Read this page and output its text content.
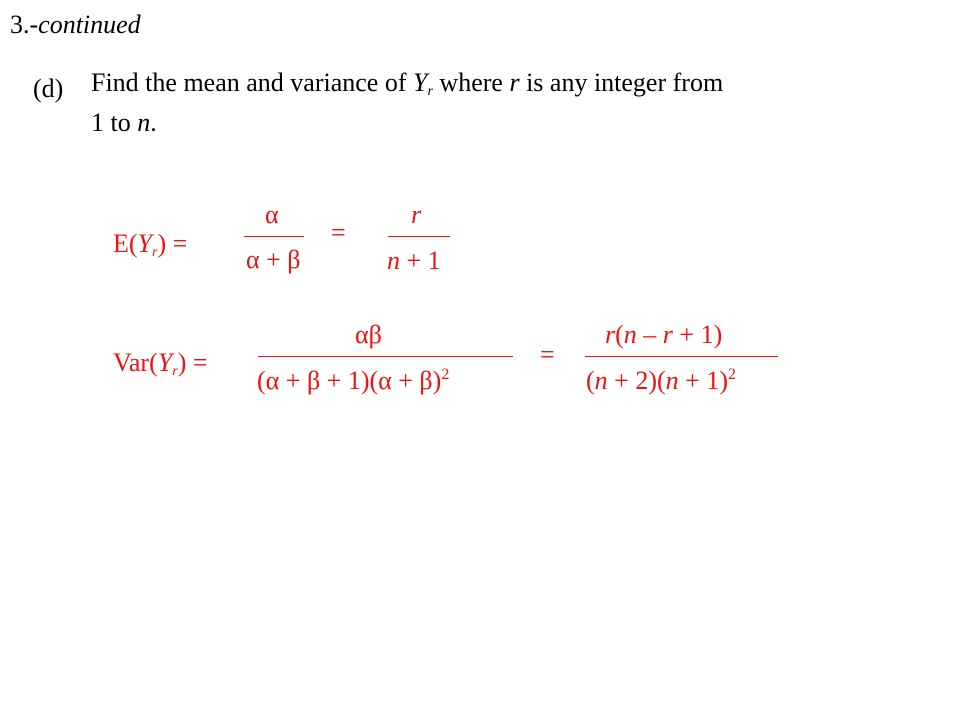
3.-continued
(d) Find the mean and variance of $Y_r$ where r is any integer from
1 to n.
$E(Y_r)$ =
α
α + β
=
r
n + 1
$Var(Y_r)$ =
αβ
$(\alpha + \beta + 1)(\alpha + \beta)^2$
=
r(n – r + 1)
$(n + 2)(n + 1)^2$
